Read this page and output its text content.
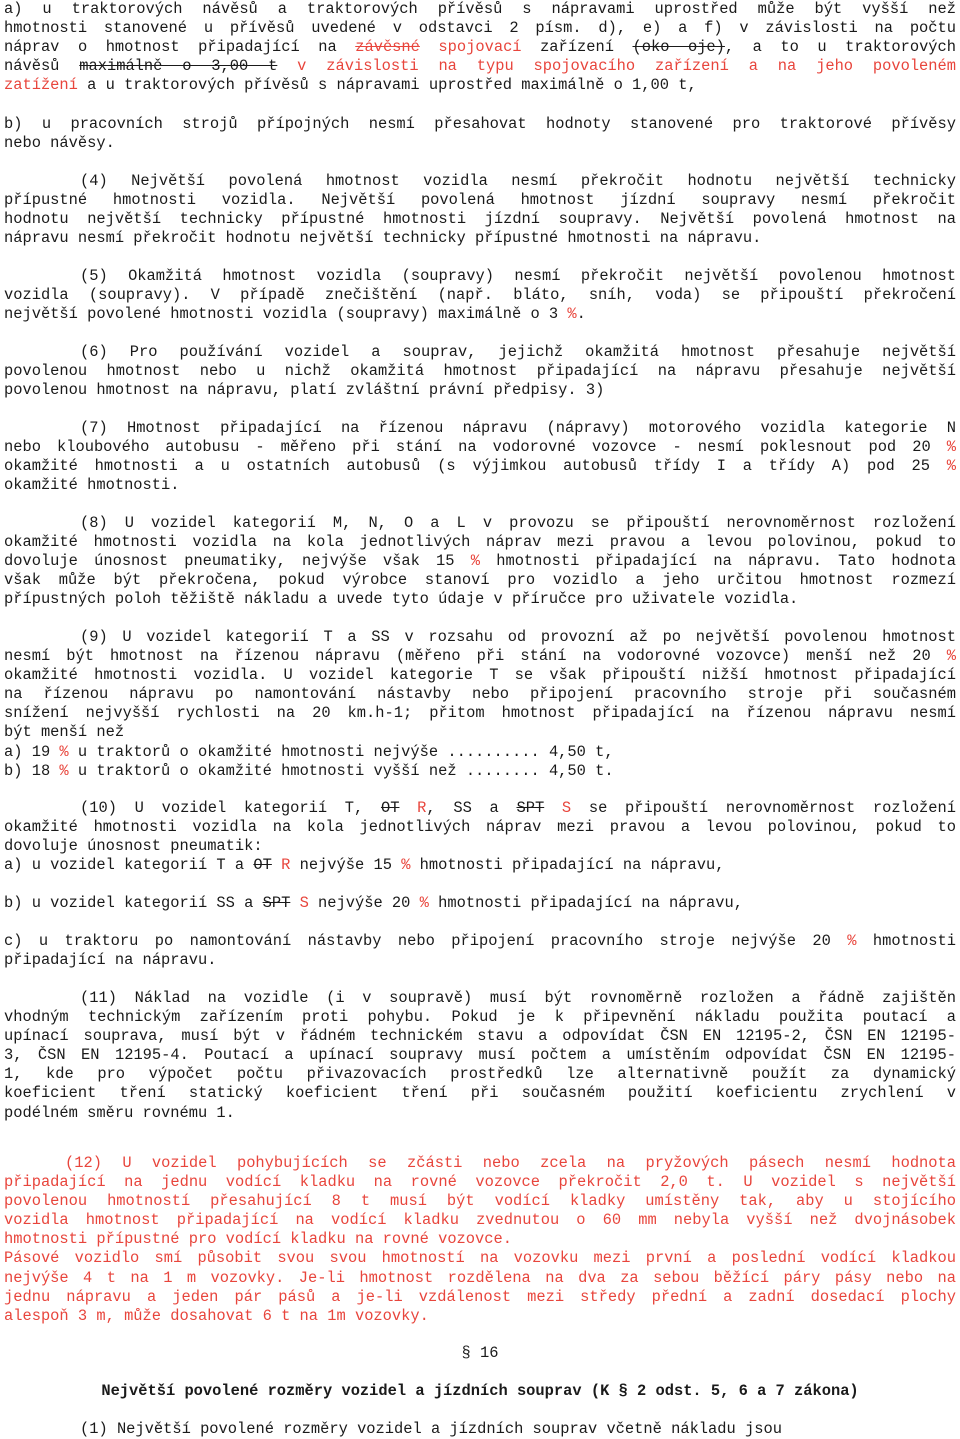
a) u traktorových návěsů a traktorových přívěsů s nápravami uprostřed může být vyšší než
hmotnosti stanovené u přívěsů uvedené v odstavci 2 písm. d), e) a f) v závislosti na počtu
náprav o hmotnost připadající na závěsné spojovací zařízení (oko oje), a to u traktorových
návěsů maximálně o 3,00 t v závislosti na typu spojovacího zařízení a na jeho povoleném
zatížení a u traktorových přívěsů s nápravami uprostřed maximálně o 1,00 t,
b) u pracovních strojů přípojných nesmí přesahovat hodnoty stanovené pro traktorové přívěsy
nebo návěsy.
(4) Největší povolená hmotnost vozidla nesmí překročit hodnotu největší technicky
přípustné hmotnosti vozidla. Největší povolená hmotnost jízdní soupravy nesmí překročit
hodnotu největší technicky přípustné hmotnosti jízdní soupravy. Největší povolená hmotnost na
nápravu nesmí překročit hodnotu největší technicky přípustné hmotnosti na nápravu.
(5) Okamžitá hmotnost vozidla (soupravy) nesmí překročit největší povolenou hmotnost
vozidla (soupravy). V případě znečištění (např. bláto, sníh, voda) se připouští překročení
největší povolené hmotnosti vozidla (soupravy) maximálně o 3 %.
(6) Pro používání vozidel a souprav, jejichž okamžitá hmotnost přesahuje největší
povolenou hmotnost nebo u nichž okamžitá hmotnost připadající na nápravu přesahuje největší
povolenou hmotnost na nápravu, platí zvláštní právní předpisy. 3)
(7) Hmotnost připadající na řízenou nápravu (nápravy) motorového vozidla kategorie N
nebo kloubového autobusu - měřeno při stání na vodorovné vozovce - nesmí poklesnout pod 20 %
okamžité hmotnosti a u ostatních autobusů (s výjimkou autobusů třídy I a třídy A) pod 25 %
okamžité hmotnosti.
(8) U vozidel kategorií M, N, O a L v provozu se připouští nerovnoměrnost rozložení
okamžité hmotnosti vozidla na kola jednotlivých náprav mezi pravou a levou polovinou, pokud to
dovoluje únosnost pneumatiky, nejvýše však 15 % hmotnosti připadající na nápravu. Tato hodnota
však může být překročena, pokud výrobce stanoví pro vozidlo a jeho určitou hmotnost rozmezí
přípustných poloh těžiště nákladu a uvede tyto údaje v příručce pro uživatele vozidla.
(9) U vozidel kategorií T a SS v rozsahu od provozní až po největší povolenou hmotnost
nesmí být hmotnost na řízenou nápravu (měřeno při stání na vodorovné vozovce) menší než 20 %
okamžité hmotnosti vozidla. U vozidel kategorie T se však připouští nižší hmotnost připadající
na řízenou nápravu po namontování nástavby nebo připojení pracovního stroje při současném
snížení nejvyšší rychlosti na 20 km.h-1; přitom hmotnost připadající na řízenou nápravu nesmí
být menší než
a) 19 % u traktorů o okamžité hmotnosti nejvýše .......... 4,50 t,
b) 18 % u traktorů o okamžité hmotnosti vyšší než ........ 4,50 t.
(10) U vozidel kategorií T, OT R, SS a SPT S se připouští nerovnoměrnost rozložení
okamžité hmotnosti vozidla na kola jednotlivých náprav mezi pravou a levou polovinou, pokud to
dovoluje únosnost pneumatik:
a) u vozidel kategorií T a OT R nejvýše 15 % hmotnosti připadající na nápravu,
b) u vozidel kategorií SS a SPT S nejvýše 20 % hmotnosti připadající na nápravu,
c) u traktoru po namontování nástavby nebo připojení pracovního stroje nejvýše 20 % hmotnosti
připadající na nápravu.
(11) Náklad na vozidle (i v soupravě) musí být rovnoměrně rozložen a řádně zajištěn
vhodným technickým zařízením proti pohybu. Pokud je k připevnění nákladu použita poutací a
upínací souprava, musí být v řádném technickém stavu a odpovídat ČSN EN 12195-2, ČSN EN 12195-
3, ČSN EN 12195-4. Poutací a upínací soupravy musí počtem a umístěním odpovídat ČSN EN 12195-
1, kde pro výpočet počtu přivazovacích prostředků lze alternativně použít za dynamický
koeficient tření statický koeficient tření při současném použití koeficientu zrychlení v
podélném směru rovnému 1.
(12) U vozidel pohybujících se zčásti nebo zcela na pryžových pásech nesmí hodnota
připadající na jednu vodící kladku na rovné vozovce překročit 2,0 t. U vozidel s největší
povolenou hmotností přesahující 8 t musí být vodící kladky umístěny tak, aby u stojícího
vozidla hmotnost připadající na vodící kladku zvednutou o 60 mm nebyla vyšší než dvojnásobek
hmotnosti přípustné pro vodící kladku na rovné vozovce.
Pásové vozidlo smí působit svou svou hmotností na vozovku mezi první a poslední vodící kladkou
nejvýše 4 t na 1 m vozovky. Je-li hmotnost rozdělena na dva za sebou běžící páry pásy nebo na
jednu nápravu a jeden pár pásů a je-li vzdálenost mezi středy přední a zadní dosedací plochy
alespoň 3 m, může dosahovat 6 t na 1m vozovky.
§ 16
Největší povolené rozměry vozidel a jízdních souprav (K § 2 odst. 5, 6 a 7 zákona)
(1) Největší povolené rozměry vozidel a jízdních souprav včetně nákladu jsou
